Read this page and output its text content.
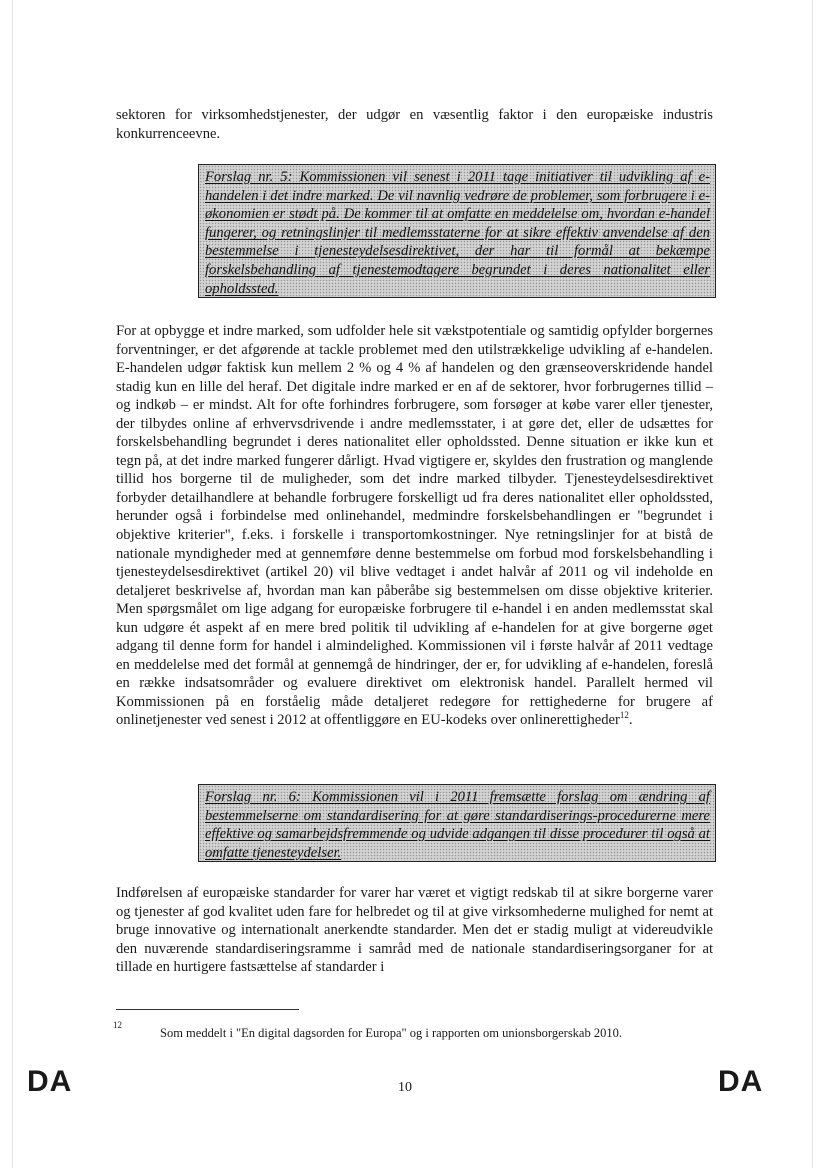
sektoren for virksomhedstjenester, der udgør en væsentlig faktor i den europæiske industris konkurrenceevne.

Forslag nr. 5: Kommissionen vil senest i 2011 tage initiativer til udvikling af e-handelen i det indre marked. De vil navnlig vedrøre de problemer, som forbrugere i e-økonomien er stødt på. De kommer til at omfatte en meddelelse om, hvordan e-handel fungerer, og retningslinjer til medlemsstaterne for at sikre effektiv anvendelse af den bestemmelse i tjenesteydelsesdirektivet, der har til formål at bekæmpe forskelsbehandling af tjenestemodtagere begrundet i deres nationalitet eller opholdssted.

For at opbygge et indre marked, som udfolder hele sit vækstpotentiale og samtidig opfylder borgernes forventninger, er det afgørende at tackle problemet med den utilstrækkelige udvikling af e-handelen. E-handelen udgør faktisk kun mellem 2 % og 4 % af handelen og den grænseoverskridende handel stadig kun en lille del heraf. Det digitale indre marked er en af de sektorer, hvor forbrugernes tillid – og indkøb – er mindst. Alt for ofte forhindres forbrugere, som forsøger at købe varer eller tjenester, der tilbydes online af erhvervsdrivende i andre medlemsstater, i at gøre det, eller de udsættes for forskelsbehandling begrundet i deres nationalitet eller opholdssted. Denne situation er ikke kun et tegn på, at det indre marked fungerer dårligt. Hvad vigtigere er, skyldes den frustration og manglende tillid hos borgerne til de muligheder, som det indre marked tilbyder. Tjenesteydelsesdirektivet forbyder detailhandlere at behandle forbrugere forskelligt ud fra deres nationalitet eller opholdssted, herunder også i forbindelse med onlinehandel, medmindre forskelsbehandlingen er "begrundet i objektive kriterier", f.eks. i forskelle i transportomkostninger. Nye retningslinjer for at bistå de nationale myndigheder med at gennemføre denne bestemmelse om forbud mod forskelsbehandling i tjenesteydelsesdirektivet (artikel 20) vil blive vedtaget i andet halvår af 2011 og vil indeholde en detaljeret beskrivelse af, hvordan man kan påberåbe sig bestemmelsen om disse objektive kriterier. Men spørgsmålet om lige adgang for europæiske forbrugere til e-handel i en anden medlemsstat skal kun udgøre ét aspekt af en mere bred politik til udvikling af e-handelen for at give borgerne øget adgang til denne form for handel i almindelighed. Kommissionen vil i første halvår af 2011 vedtage en meddelelse med det formål at gennemgå de hindringer, der er, for udvikling af e-handelen, foreslå en række indsatsområder og evaluere direktivet om elektronisk handel. Parallelt hermed vil Kommissionen på en forståelig måde detaljeret redegøre for rettighederne for brugere af onlinetjenester ved senest i 2012 at offentliggøre en EU-kodeks over onlinerettigheder$^{12}$.

Forslag nr. 6: Kommissionen vil i 2011 fremsætte forslag om ændring af bestemmelserne om standardisering for at gøre standardiserings-procedurerne mere effektive og samarbejdsfremmende og udvide adgangen til disse procedurer til også at omfatte tjenesteydelser.

Indførelsen af europæiske standarder for varer har været et vigtigt redskab til at sikre borgerne varer og tjenester af god kvalitet uden fare for helbredet og til at give virksomhederne mulighed for nemt at bruge innovative og internationalt anerkendte standarder. Men det er stadig muligt at videreudvikle den nuværende standardiseringsramme i samråd med de nationale standardiseringsorganer for at tillade en hurtigere fastsættelse af standarder i

12
Som meddelt i "En digital dagsorden for Europa" og i rapporten om unionsborgerskab 2010.
DA	10	DA
